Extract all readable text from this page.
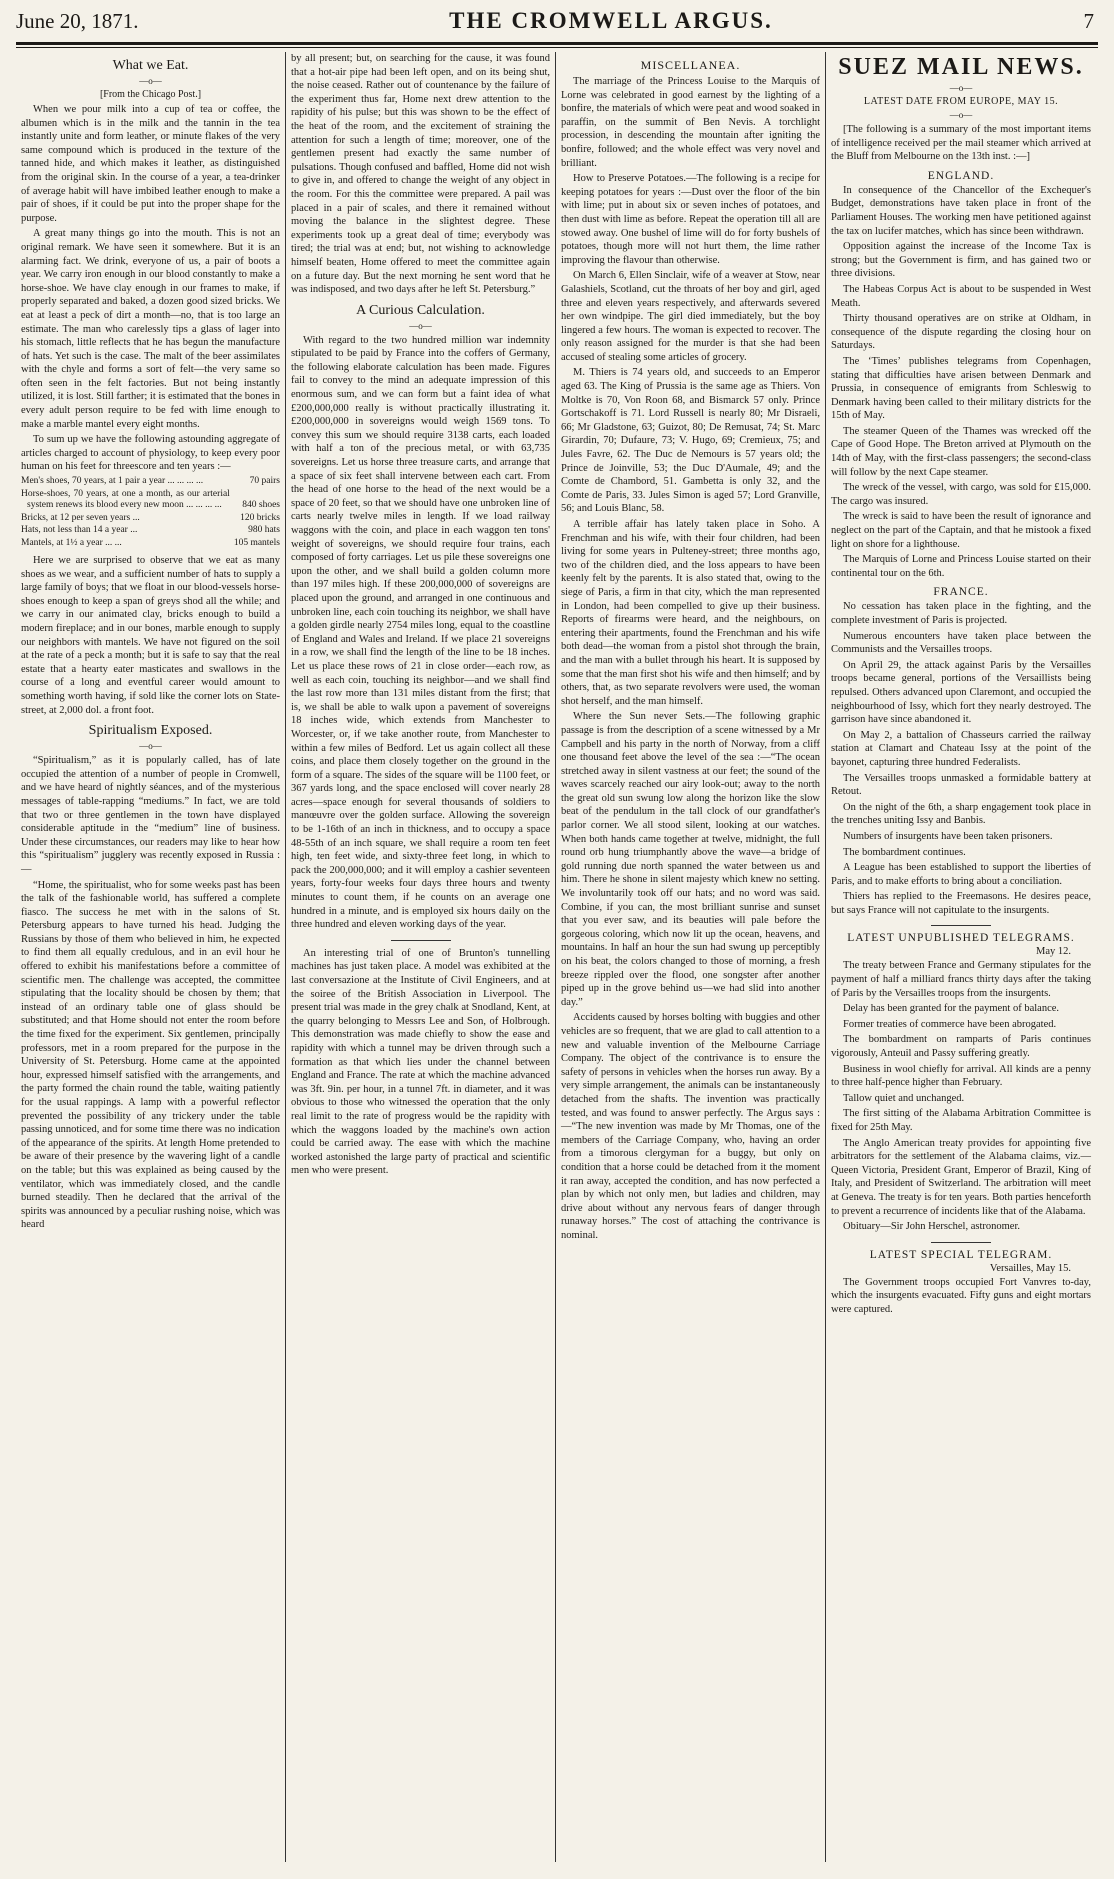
June 20, 1871.	THE CROMWELL ARGUS.	7
What we Eat.
—o—
[From the Chicago Post.]

When we pour milk into a cup of tea or coffee, the albumen which is in the milk and the tannin in the tea instantly unite and form leather, or minute flakes of the very same compound which is produced in the texture of the tanned hide, and which makes it leather, as distinguished from the original skin. In the course of a year, a tea-drinker of average habit will have imbibed leather enough to make a pair of shoes, if it could be put into the proper shape for the purpose.

A great many things go into the mouth. This is not an original remark. We have seen it somewhere. But it is an alarming fact. We drink, everyone of us, a pair of boots a year. We carry iron enough in our blood constantly to make a horse-shoe. We have clay enough in our frames to make, if properly separated and baked, a dozen good sized bricks. We eat at least a peck of dirt a month—no, that is too large an estimate. The man who carelessly tips a glass of lager into his stomach, little reflects that he has begun the manufacture of hats. Yet such is the case. The malt of the beer assimilates with the chyle and forms a sort of felt—the very same so often seen in the felt factories. But not being instantly utilized, it is lost. Still farther; it is estimated that the bones in every adult person require to be fed with lime enough to make a marble mantel every eight months.

To sum up we have the following astounding aggregate of articles charged to account of physiology, to keep every poor human on his feet for threescore and ten years :—

Men's shoes, 70 years, at 1 pair a year ... ... ... ...	70 pairs
Horse-shoes, 70 years, at one a month, as our arterial system renews its blood every new moon ... ... ... ...	840 shoes
Bricks, at 12 per seven years ...	120 bricks
Hats, not less than 14 a year ...	980 hats
Mantels, at 1½ a year ... ...	105 mantels

Here we are surprised to observe that we eat as many shoes as we wear, and a sufficient number of hats to supply a large family of boys; that we float in our blood-vessels horse-shoes enough to keep a span of greys shod all the while; and we carry in our animated clay, bricks enough to build a modern fireplace; and in our bones, marble enough to supply our neighbors with mantels. We have not figured on the soil at the rate of a peck a month; but it is safe to say that the real estate that a hearty eater masticates and swallows in the course of a long and eventful career would amount to something worth having, if sold like the corner lots on State-street, at 2,000 dol. a front foot.

Spiritualism Exposed.
—o—

“Spiritualism,” as it is popularly called, has of late occupied the attention of a number of people in Cromwell, and we have heard of nightly séances, and of the mysterious messages of table-rapping “mediums.” In fact, we are told that two or three gentlemen in the town have displayed considerable aptitude in the “medium” line of business. Under these circumstances, our readers may like to hear how this “spiritualism” jugglery was recently exposed in Russia :—

“Home, the spiritualist, who for some weeks past has been the talk of the fashionable world, has suffered a complete fiasco. The success he met with in the salons of St. Petersburg appears to have turned his head. Judging the Russians by those of them who believed in him, he expected to find them all equally credulous, and in an evil hour he offered to exhibit his manifestations before a committee of scientific men. The challenge was accepted, the committee stipulating that the locality should be chosen by them; that instead of an ordinary table one of glass should be substituted; and that Home should not enter the room before the time fixed for the experiment. Six gentlemen, principally professors, met in a room prepared for the purpose in the University of St. Petersburg. Home came at the appointed hour, expressed himself satisfied with the arrangements, and the party formed the chain round the table, waiting patiently for the usual rappings. A lamp with a powerful reflector prevented the possibility of any trickery under the table passing unnoticed, and for some time there was no indication of the appearance of the spirits. At length Home pretended to be aware of their presence by the wavering light of a candle on the table; but this was explained as being caused by the ventilator, which was immediately closed, and the candle burned steadily. Then he declared that the arrival of the spirits was announced by a peculiar rushing noise, which was heard

by all present; but, on searching for the cause, it was found that a hot-air pipe had been left open, and on its being shut, the noise ceased. Rather out of countenance by the failure of the experiment thus far, Home next drew attention to the rapidity of his pulse; but this was shown to be the effect of the heat of the room, and the excitement of straining the attention for such a length of time; moreover, one of the gentlemen present had exactly the same number of pulsations. Though confused and baffled, Home did not wish to give in, and offered to change the weight of any object in the room. For this the committee were prepared. A pail was placed in a pair of scales, and there it remained without moving the balance in the slightest degree. These experiments took up a great deal of time; everybody was tired; the trial was at end; but, not wishing to acknowledge himself beaten, Home offered to meet the committee again on a future day. But the next morning he sent word that he was indisposed, and two days after he left St. Petersburg.”

A Curious Calculation.
—o—

With regard to the two hundred million war indemnity stipulated to be paid by France into the coffers of Germany, the following elaborate calculation has been made. Figures fail to convey to the mind an adequate impression of this enormous sum, and we can form but a faint idea of what £200,000,000 really is without practically illustrating it. £200,000,000 in sovereigns would weigh 1569 tons. To convey this sum we should require 3138 carts, each loaded with half a ton of the precious metal, or with 63,735 sovereigns. Let us horse three treasure carts, and arrange that a space of six feet shall intervene between each cart. From the head of one horse to the head of the next would be a space of 20 feet, so that we should have one unbroken line of carts nearly twelve miles in length. If we load railway waggons with the coin, and place in each waggon ten tons' weight of sovereigns, we should require four trains, each composed of forty carriages. Let us pile these sovereigns one upon the other, and we shall build a golden column more than 197 miles high. If these 200,000,000 of sovereigns are placed upon the ground, and arranged in one continuous and unbroken line, each coin touching its neighbor, we shall have a golden girdle nearly 2754 miles long, equal to the coastline of England and Wales and Ireland. If we place 21 sovereigns in a row, we shall find the length of the line to be 18 inches. Let us place these rows of 21 in close order—each row, as well as each coin, touching its neighbor—and we shall find the last row more than 131 miles distant from the first; that is, we shall be able to walk upon a pavement of sovereigns 18 inches wide, which extends from Manchester to Worcester, or, if we take another route, from Manchester to within a few miles of Bedford. Let us again collect all these coins, and place them closely together on the ground in the form of a square. The sides of the square will be 1100 feet, or 367 yards long, and the space enclosed will cover nearly 28 acres—space enough for several thousands of soldiers to manœuvre over the golden surface. Allowing the sovereign to be 1-16th of an inch in thickness, and to occupy a space 48-55th of an inch square, we shall require a room ten feet high, ten feet wide, and sixty-three feet long, in which to pack the 200,000,000; and it will employ a cashier seventeen years, forty-four weeks four days three hours and twenty minutes to count them, if he counts on an average one hundred in a minute, and is employed six hours daily on the three hundred and eleven working days of the year.

An interesting trial of one of Brunton's tunnelling machines has just taken place. A model was exhibited at the last conversazione at the Institute of Civil Engineers, and at the soiree of the British Association in Liverpool. The present trial was made in the grey chalk at Snodland, Kent, at the quarry belonging to Messrs Lee and Son, of Holbrough. This demonstration was made chiefly to show the ease and rapidity with which a tunnel may be driven through such a formation as that which lies under the channel between England and France. The rate at which the machine advanced was 3ft. 9in. per hour, in a tunnel 7ft. in diameter, and it was obvious to those who witnessed the operation that the only real limit to the rate of progress would be the rapidity with which the waggons loaded by the machine's own action could be carried away. The ease with which the machine worked astonished the large party of practical and scientific men who were present.

MISCELLANEA.

The marriage of the Princess Louise to the Marquis of Lorne was celebrated in good earnest by the lighting of a bonfire, the materials of which were peat and wood soaked in paraffin, on the summit of Ben Nevis. A torchlight procession, in descending the mountain after igniting the bonfire, followed; and the whole effect was very novel and brilliant.

How to Preserve Potatoes.—The following is a recipe for keeping potatoes for years :—Dust over the floor of the bin with lime; put in about six or seven inches of potatoes, and then dust with lime as before. Repeat the operation till all are stowed away. One bushel of lime will do for forty bushels of potatoes, though more will not hurt them, the lime rather improving the flavour than otherwise.

On March 6, Ellen Sinclair, wife of a weaver at Stow, near Galashiels, Scotland, cut the throats of her boy and girl, aged three and eleven years respectively, and afterwards severed her own windpipe. The girl died immediately, but the boy lingered a few hours. The woman is expected to recover. The only reason assigned for the murder is that she had been accused of stealing some articles of grocery.

M. Thiers is 74 years old, and succeeds to an Emperor aged 63. The King of Prussia is the same age as Thiers. Von Moltke is 70, Von Roon 68, and Bismarck 57 only. Prince Gortschakoff is 71. Lord Russell is nearly 80; Mr Disraeli, 66; Mr Gladstone, 63; Guizot, 80; De Remusat, 74; St. Marc Girardin, 70; Dufaure, 73; V. Hugo, 69; Cremieux, 75; and Jules Favre, 62. The Duc de Nemours is 57 years old; the Prince de Joinville, 53; the Duc D'Aumale, 49; and the Comte de Chambord, 51. Gambetta is only 32, and the Comte de Paris, 33. Jules Simon is aged 57; Lord Granville, 56; and Louis Blanc, 58.

A terrible affair has lately taken place in Soho. A Frenchman and his wife, with their four children, had been living for some years in Pulteney-street; three months ago, two of the children died, and the loss appears to have been keenly felt by the parents. It is also stated that, owing to the siege of Paris, a firm in that city, which the man represented in London, had been compelled to give up their business. Reports of firearms were heard, and the neighbours, on entering their apartments, found the Frenchman and his wife both dead—the woman from a pistol shot through the brain, and the man with a bullet through his heart. It is supposed by some that the man first shot his wife and then himself; and by others, that, as two separate revolvers were used, the woman shot herself, and the man himself.

Where the Sun never Sets.—The following graphic passage is from the description of a scene witnessed by a Mr Campbell and his party in the north of Norway, from a cliff one thousand feet above the level of the sea :—“The ocean stretched away in silent vastness at our feet; the sound of the waves scarcely reached our airy look-out; away to the north the great old sun swung low along the horizon like the slow beat of the pendulum in the tall clock of our grandfather's parlor corner. We all stood silent, looking at our watches. When both hands came together at twelve, midnight, the full round orb hung triumphantly above the wave—a bridge of gold running due north spanned the water between us and him. There he shone in silent majesty which knew no setting. We involuntarily took off our hats; and no word was said. Combine, if you can, the most brilliant sunrise and sunset that you ever saw, and its beauties will pale before the gorgeous coloring, which now lit up the ocean, heavens, and mountains. In half an hour the sun had swung up perceptibly on his beat, the colors changed to those of morning, a fresh breeze rippled over the flood, one songster after another piped up in the grove behind us—we had slid into another day.”

Accidents caused by horses bolting with buggies and other vehicles are so frequent, that we are glad to call attention to a new and valuable invention of the Melbourne Carriage Company. The object of the contrivance is to ensure the safety of persons in vehicles when the horses run away. By a very simple arrangement, the animals can be instantaneously detached from the shafts. The invention was practically tested, and was found to answer perfectly. The Argus says :—“The new invention was made by Mr Thomas, one of the members of the Carriage Company, who, having an order from a timorous clergyman for a buggy, but only on condition that a horse could be detached from it the moment it ran away, accepted the condition, and has now perfected a plan by which not only men, but ladies and children, may drive about without any nervous fears of danger through runaway horses.” The cost of attaching the contrivance is nominal.

SUEZ MAIL NEWS.
—o—
LATEST DATE FROM EUROPE, MAY 15.
—o—

[The following is a summary of the most important items of intelligence received per the mail steamer which arrived at the Bluff from Melbourne on the 13th inst. :—]

ENGLAND.

In consequence of the Chancellor of the Exchequer's Budget, demonstrations have taken place in front of the Parliament Houses. The working men have petitioned against the tax on lucifer matches, which has since been withdrawn.

Opposition against the increase of the Income Tax is strong; but the Government is firm, and has gained two or three divisions.

The Habeas Corpus Act is about to be suspended in West Meath.

Thirty thousand operatives are on strike at Oldham, in consequence of the dispute regarding the closing hour on Saturdays.

The ‘Times’ publishes telegrams from Copenhagen, stating that difficulties have arisen between Denmark and Prussia, in consequence of emigrants from Schleswig to Denmark having been called to their military districts for the 15th of May.

The steamer Queen of the Thames was wrecked off the Cape of Good Hope. The Breton arrived at Plymouth on the 14th of May, with the first-class passengers; the second-class will follow by the next Cape steamer.

The wreck of the vessel, with cargo, was sold for £15,000. The cargo was insured.

The wreck is said to have been the result of ignorance and neglect on the part of the Captain, and that he mistook a fixed light on shore for a lighthouse.

The Marquis of Lorne and Princess Louise started on their continental tour on the 6th.

FRANCE.

No cessation has taken place in the fighting, and the complete investment of Paris is projected.

Numerous encounters have taken place between the Communists and the Versailles troops.

On April 29, the attack against Paris by the Versailles troops became general, portions of the Versaillists being repulsed. Others advanced upon Claremont, and occupied the neighbourhood of Issy, which fort they nearly destroyed. The garrison have since abandoned it.

On May 2, a battalion of Chasseurs carried the railway station at Clamart and Chateau Issy at the point of the bayonet, capturing three hundred Federalists.

The Versailles troops unmasked a formidable battery at Retout.

On the night of the 6th, a sharp engagement took place in the trenches uniting Issy and Banbis.

Numbers of insurgents have been taken prisoners.

The bombardment continues.

A League has been established to support the liberties of Paris, and to make efforts to bring about a conciliation.

Thiers has replied to the Freemasons. He desires peace, but says France will not capitulate to the insurgents.

LATEST UNPUBLISHED TELEGRAMS.
May 12.

The treaty between France and Germany stipulates for the payment of half a milliard francs thirty days after the taking of Paris by the Versailles troops from the insurgents.

Delay has been granted for the payment of balance.

Former treaties of commerce have been abrogated.

The bombardment on ramparts of Paris continues vigorously, Anteuil and Passy suffering greatly.

Business in wool chiefly for arrival. All kinds are a penny to three half-pence higher than February.

Tallow quiet and unchanged.

The first sitting of the Alabama Arbitration Committee is fixed for 25th May.

The Anglo American treaty provides for appointing five arbitrators for the settlement of the Alabama claims, viz.—Queen Victoria, President Grant, Emperor of Brazil, King of Italy, and President of Switzerland. The arbitration will meet at Geneva. The treaty is for ten years. Both parties henceforth to prevent a recurrence of incidents like that of the Alabama.

Obituary—Sir John Herschel, astronomer.

LATEST SPECIAL TELEGRAM.
Versailles, May 15.

The Government troops occupied Fort Vanvres to-day, which the insurgents evacuated. Fifty guns and eight mortars were captured.
